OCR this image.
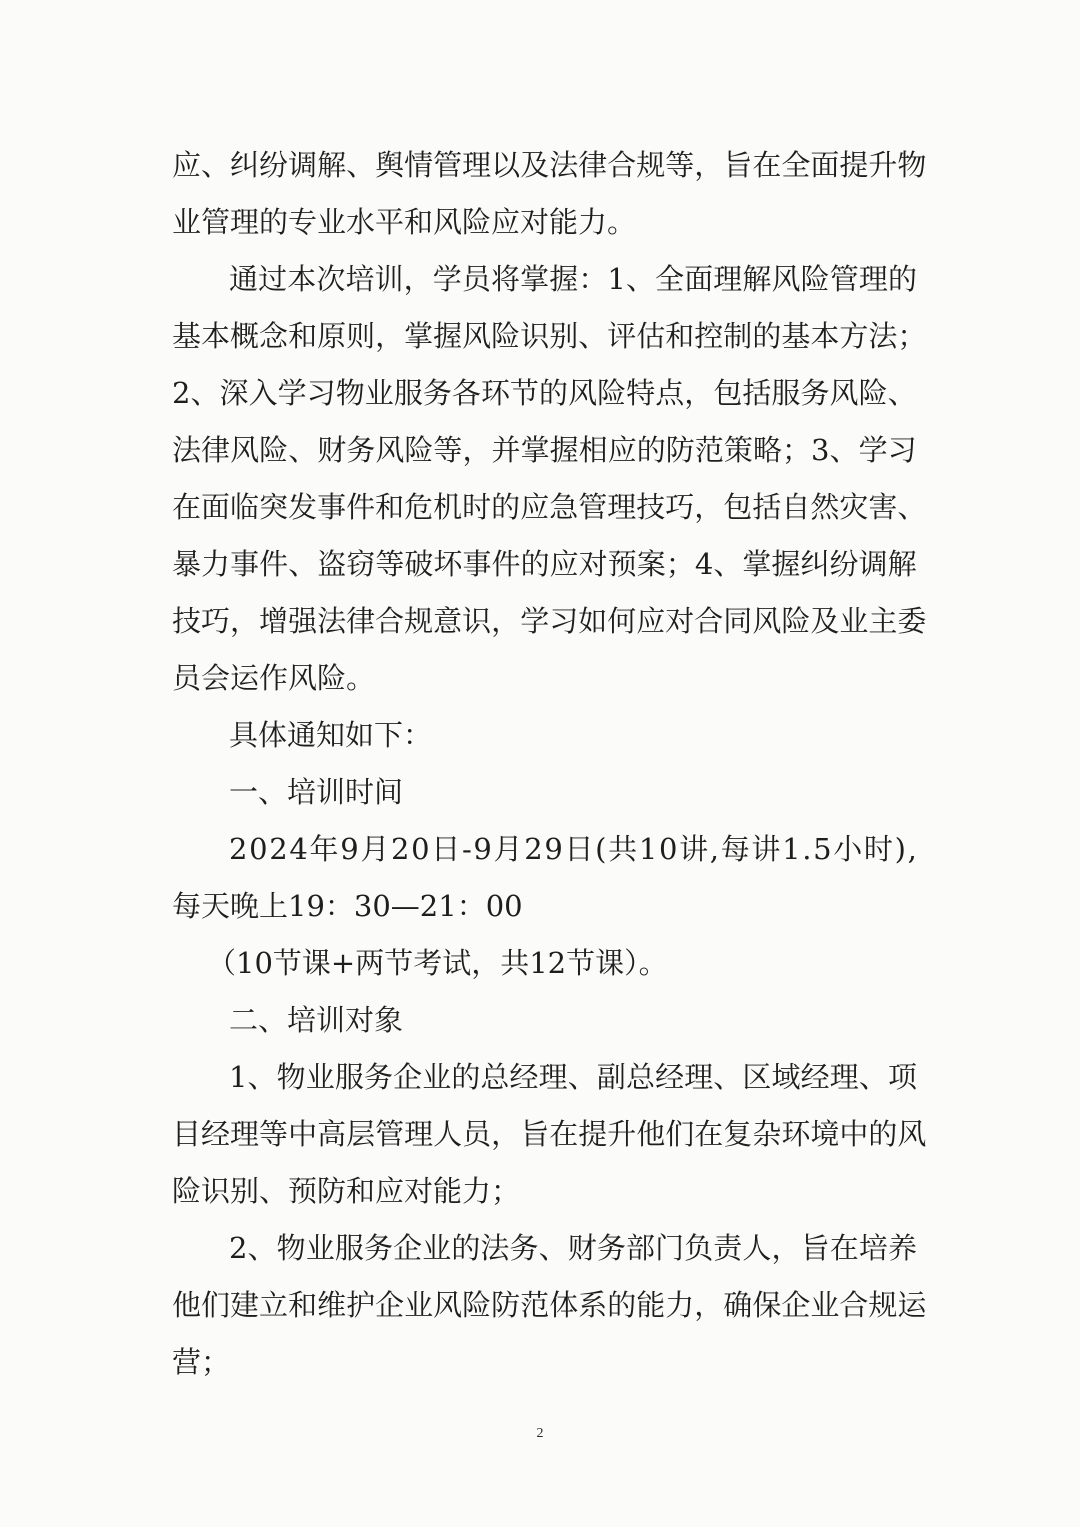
应 、 纠 纷 调 解 、 舆 情 管 理 以 及 法 律 合 规 等 ， 旨 在 全 面 提 升 物
业管理的专业水平和风险应对能力。
通 过 本 次 培 训 ， 学 员 将 掌 握 ： 1 、 全 面 理 解 风 险 管 理 的
基 本 概 念 和 原 则 ， 掌 握 风 险 识 别 、 评 估 和 控 制 的 基 本 方 法 ；
2 、 深 入 学 习 物 业 服 务 各 环 节 的 风 险 特 点 ， 包 括 服 务 风 险 、
法 律 风 险 、 财 务 风 险 等 ， 并 掌 握 相 应 的 防 范 策 略 ； 3 、 学 习
在 面 临 突 发 事 件 和 危 机 时 的 应 急 管 理 技 巧 ， 包 括 自 然 灾 害 、
暴 力 事 件 、 盗 窃 等 破 坏 事 件 的 应 对 预 案 ； 4 、 掌 握 纠 纷 调 解
技 巧 ， 增 强 法 律 合 规 意 识 ， 学 习 如 何 应 对 合 同 风 险 及 业 主 委
员会运作风险。
具体通知如下：
一、培训时间
2 0 2 4 年 9 月 2 0 日 - 9 月 2 9 日 ( 共 1 0 讲 , 每 讲 1 . 5 小 时 ) ,
每天晚上19：30—21：00
（10节课+两节考试，共12节课）。
二、培训对象
1 、 物 业 服 务 企 业 的 总 经 理 、 副 总 经 理 、 区 域 经 理 、 项
目 经 理 等 中 高 层 管 理 人 员 ， 旨 在 提 升 他 们 在 复 杂 环 境 中 的 风
险识别、预防和应对能力；
2 、 物 业 服 务 企 业 的 法 务 、 财 务 部 门 负 责 人 ， 旨 在 培 养
他 们 建 立 和 维 护 企 业 风 险 防 范 体 系 的 能 力 ， 确 保 企 业 合 规 运
营；
2
